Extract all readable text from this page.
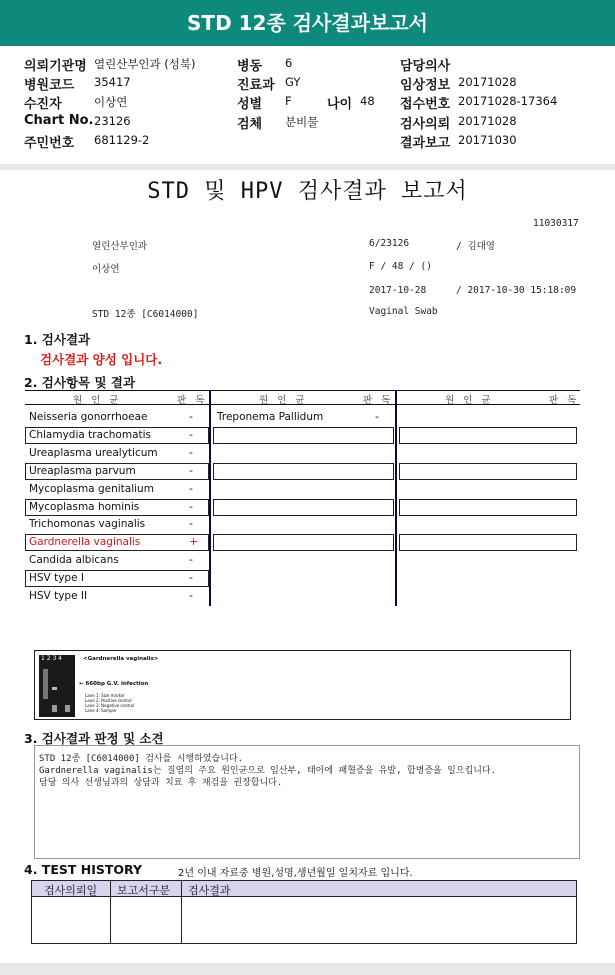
STD 12종 검사결과보고서
의뢰기관명 열린산부인과 (성북)
병원코드 35417
수진자	이상연
Chart No. 23126
주민번호 681129-2
병동 6
진료과 GY
성별 F	나이 48
검체 분비물
담당의사
임상정보 20171028
접수번호 20171028-17364
검사의뢰 20171028
결과보고 20171030
STD 및 HPV 검사결과 보고서
11030317
열린산부인과	6/23126	/ 김대영
이상연	F / 48 / ()
2017-10-28	/ 2017-10-30 15:18:09
STD 12종 [C6014000]	Vaginal Swab
1. 검사결과
검사결과 양성 입니다.
2. 검사항목 및 결과
원 인 균	판 독	원 인 균	판 독	원 인 균	판 독
Neisseria gonorrhoeae	-
Chlamydia trachomatis	-
Ureaplasma urealyticum	-
Ureaplasma parvum	-
Mycoplasma genitalium	-
Mycoplasma hominis	-
Trichomonas vaginalis	-
Gardnerella vaginalis	+
Candida albicans	-
HSV type I	-
HSV type II	-
Treponema Pallidum	-
1 2 3 4	<Gardnerella vaginalis>
← 660bp G.V. infection
Lane 1: Size marker
Lane 2: Positive control
Lane 3: Negative control
Lane 4: Sample
3. 검사결과 판정 및 소견
STD 12종 [C6014000] 검사를 시행하였습니다.
Gardnerella vaginalis는 질염의 주요 원인균으로 임산부, 태아에 패혈증을 유발, 합병증을 일으킵니다.
담당 의사 선생님과의 상담과 치료 후 재검을 권장합니다.
4. TEST HISTORY	2년 이내 자료중 병원,성명,생년월일 일치자료 입니다.
검사의뢰일 보고서구분 검사결과
